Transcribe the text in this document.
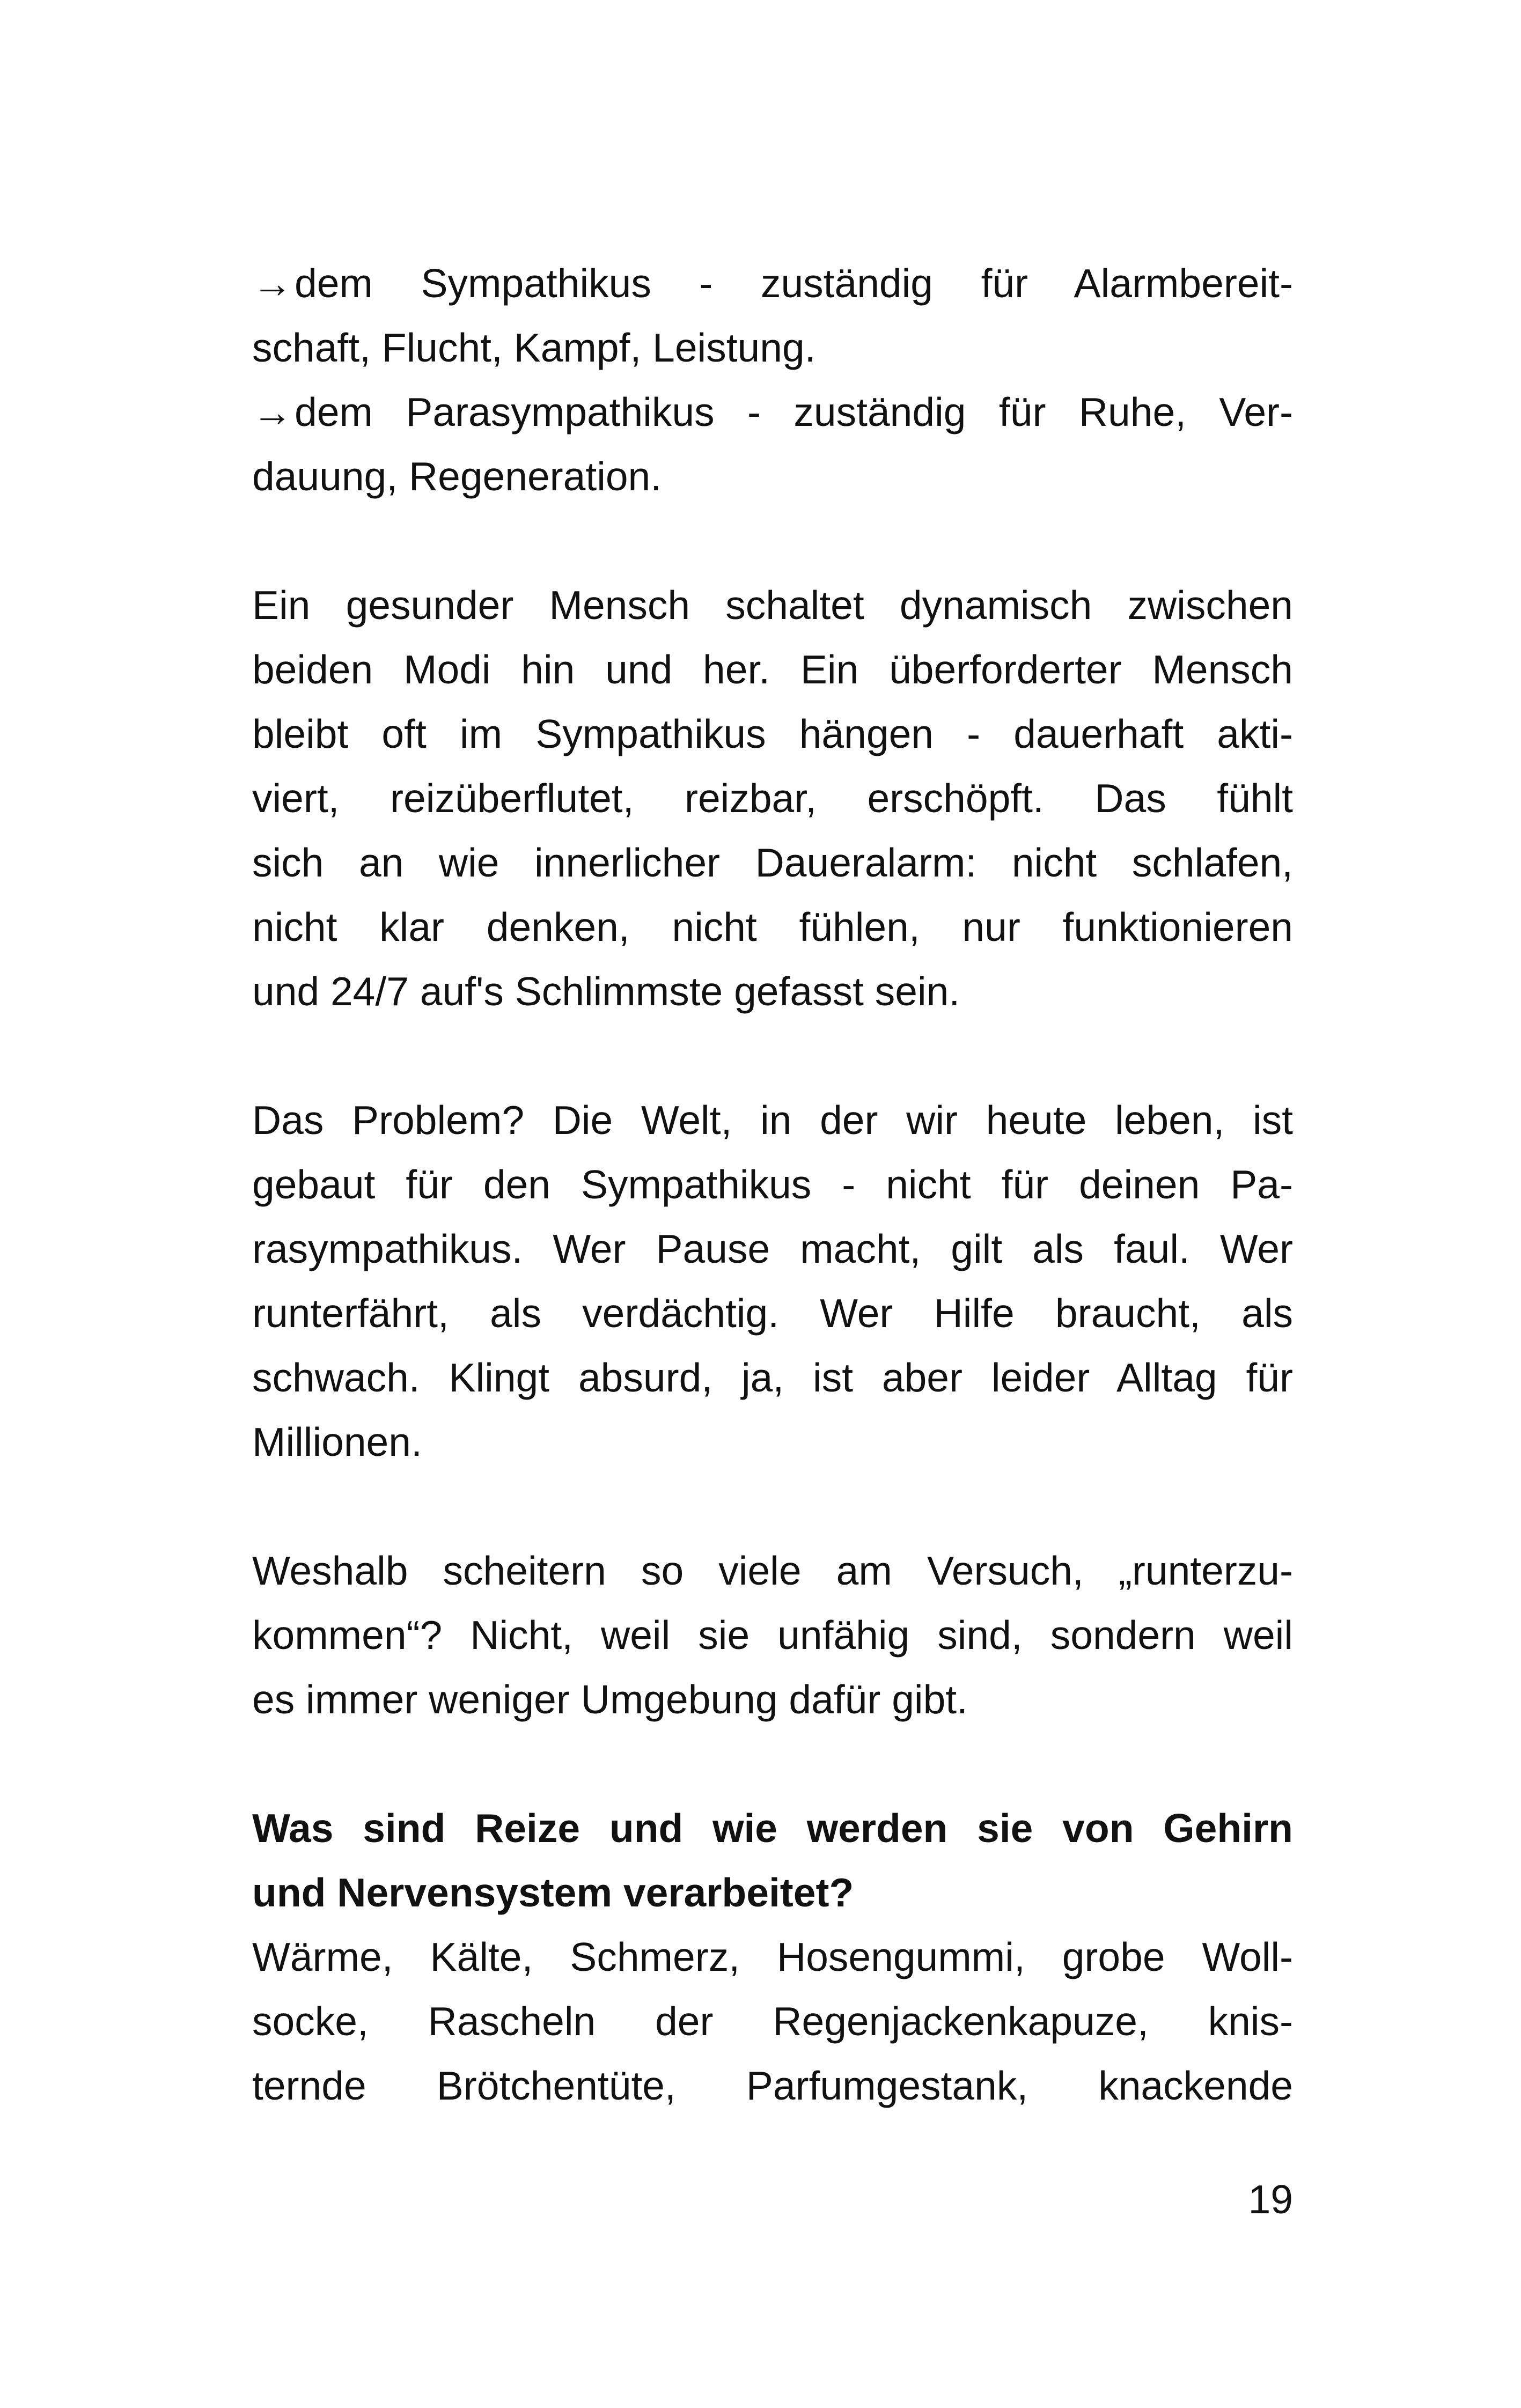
→dem Sympathikus - zuständig für Alarmbereit-
schaft, Flucht, Kampf, Leistung.
→dem Parasympathikus - zuständig für Ruhe, Ver-
dauung, Regeneration.
Ein gesunder Mensch schaltet dynamisch zwischen
beiden Modi hin und her. Ein überforderter Mensch
bleibt oft im Sympathikus hängen - dauerhaft akti-
viert, reizüberflutet, reizbar, erschöpft. Das fühlt
sich an wie innerlicher Daueralarm: nicht schlafen,
nicht klar denken, nicht fühlen, nur funktionieren
und 24/7 auf's Schlimmste gefasst sein.
Das Problem? Die Welt, in der wir heute leben, ist
gebaut für den Sympathikus - nicht für deinen Pa-
rasympathikus. Wer Pause macht, gilt als faul. Wer
runterfährt, als verdächtig. Wer Hilfe braucht, als
schwach. Klingt absurd, ja, ist aber leider Alltag für
Millionen.
Weshalb scheitern so viele am Versuch, „runterzu-
kommen“? Nicht, weil sie unfähig sind, sondern weil
es immer weniger Umgebung dafür gibt.
Was sind Reize und wie werden sie von Gehirn
und Nervensystem verarbeitet?
Wärme, Kälte, Schmerz, Hosengummi, grobe Woll-
socke, Rascheln der Regenjackenkapuze, knis-
ternde Brötchentüte, Parfumgestank, knackende
19
